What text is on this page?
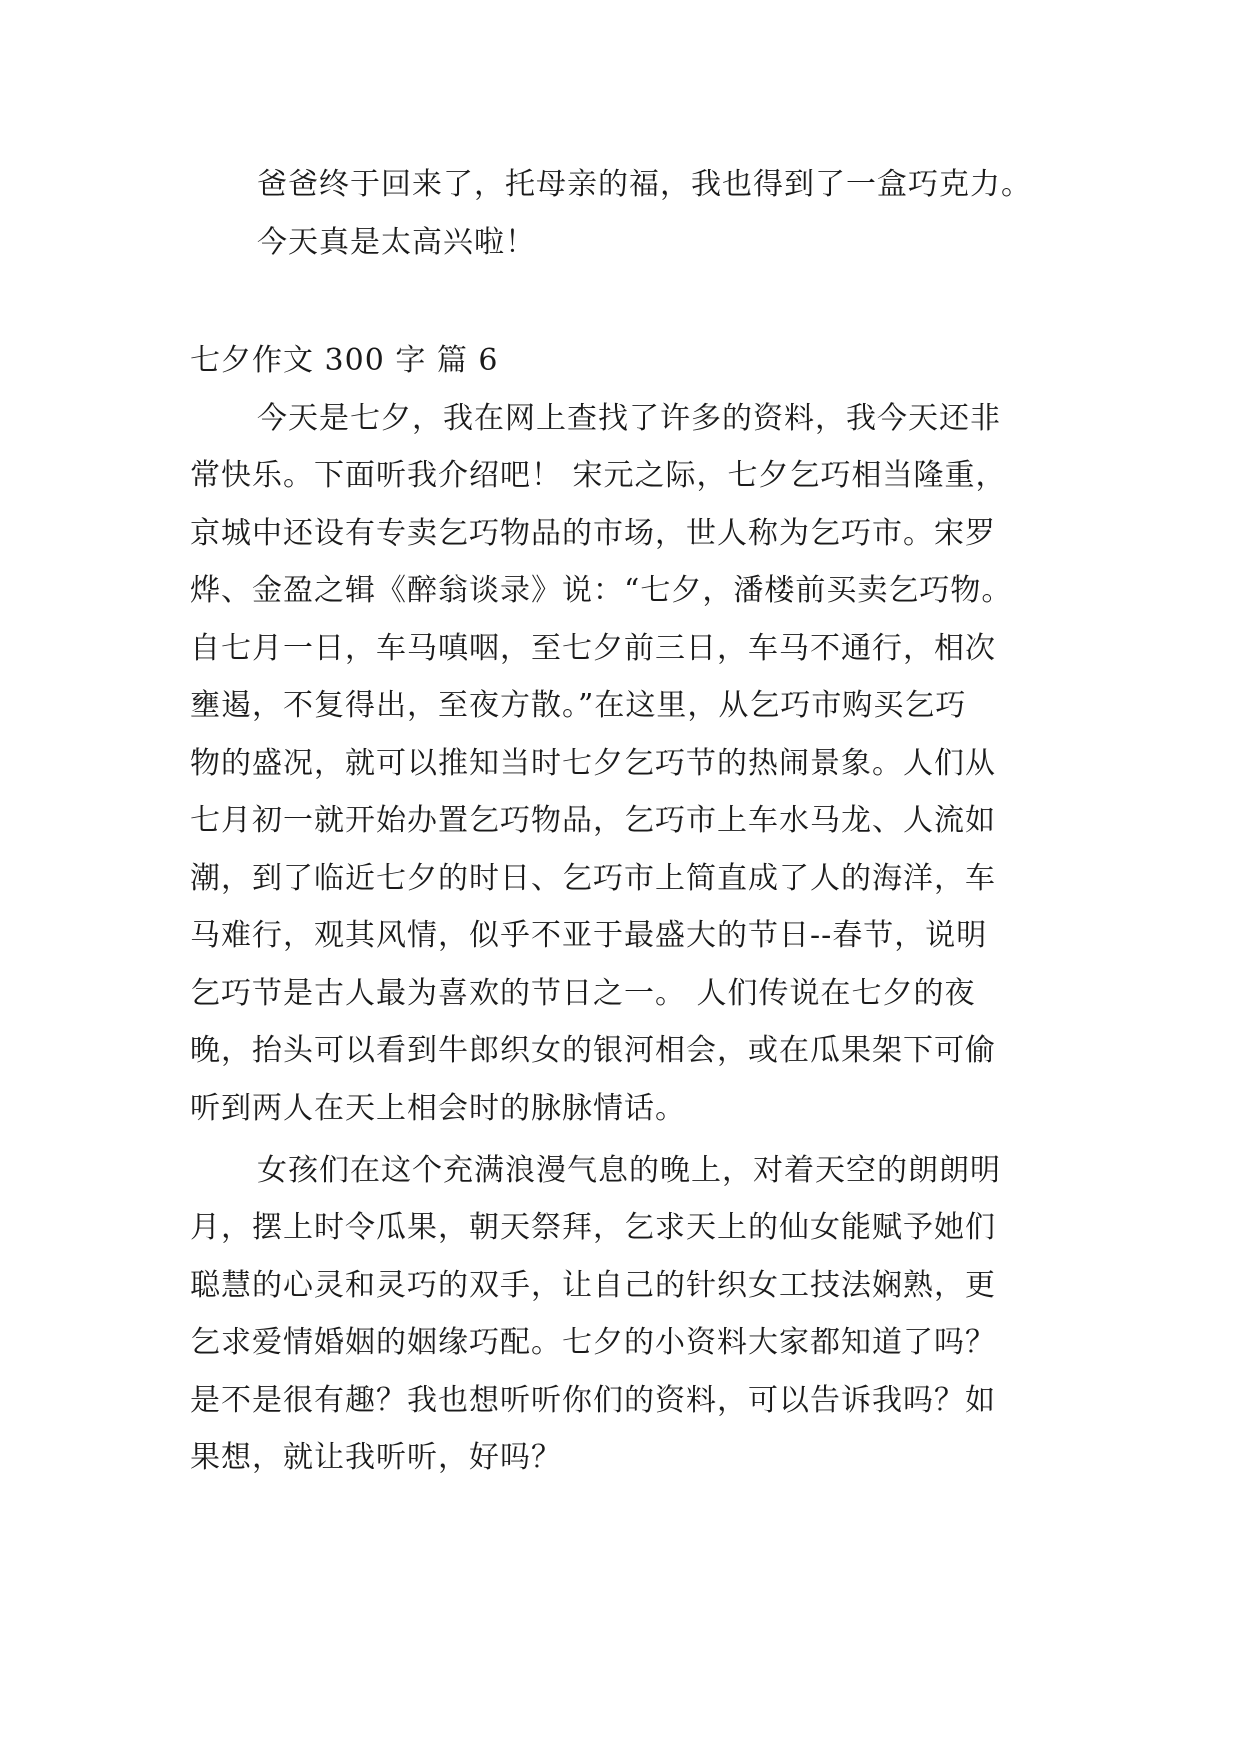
爸爸终于回来了，托母亲的福，我也得到了一盒巧克力。
今天真是太高兴啦！
七夕作文 300 字 篇 6
今天是七夕，我在网上查找了许多的资料，我今天还非
常快乐。下面听我介绍吧！ 宋元之际，七夕乞巧相当隆重，
京城中还设有专卖乞巧物品的市场，世人称为乞巧市。宋罗
烨、金盈之辑《醉翁谈录》说：“七夕，潘楼前买卖乞巧物。
自七月一日，车马嗔咽，至七夕前三日，车马不通行，相次
壅遏，不复得出，至夜方散。”在这里，从乞巧市购买乞巧
物的盛况，就可以推知当时七夕乞巧节的热闹景象。人们从
七月初一就开始办置乞巧物品，乞巧市上车水马龙、人流如
潮，到了临近七夕的时日、乞巧市上简直成了人的海洋，车
马难行，观其风情，似乎不亚于最盛大的节日--春节，说明
乞巧节是古人最为喜欢的节日之一。 人们传说在七夕的夜
晚，抬头可以看到牛郎织女的银河相会，或在瓜果架下可偷
听到两人在天上相会时的脉脉情话。
女孩们在这个充满浪漫气息的晚上，对着天空的朗朗明
月，摆上时令瓜果，朝天祭拜，乞求天上的仙女能赋予她们
聪慧的心灵和灵巧的双手，让自己的针织女工技法娴熟，更
乞求爱情婚姻的姻缘巧配。七夕的小资料大家都知道了吗？
是不是很有趣？我也想听听你们的资料，可以告诉我吗？如
果想，就让我听听，好吗？
